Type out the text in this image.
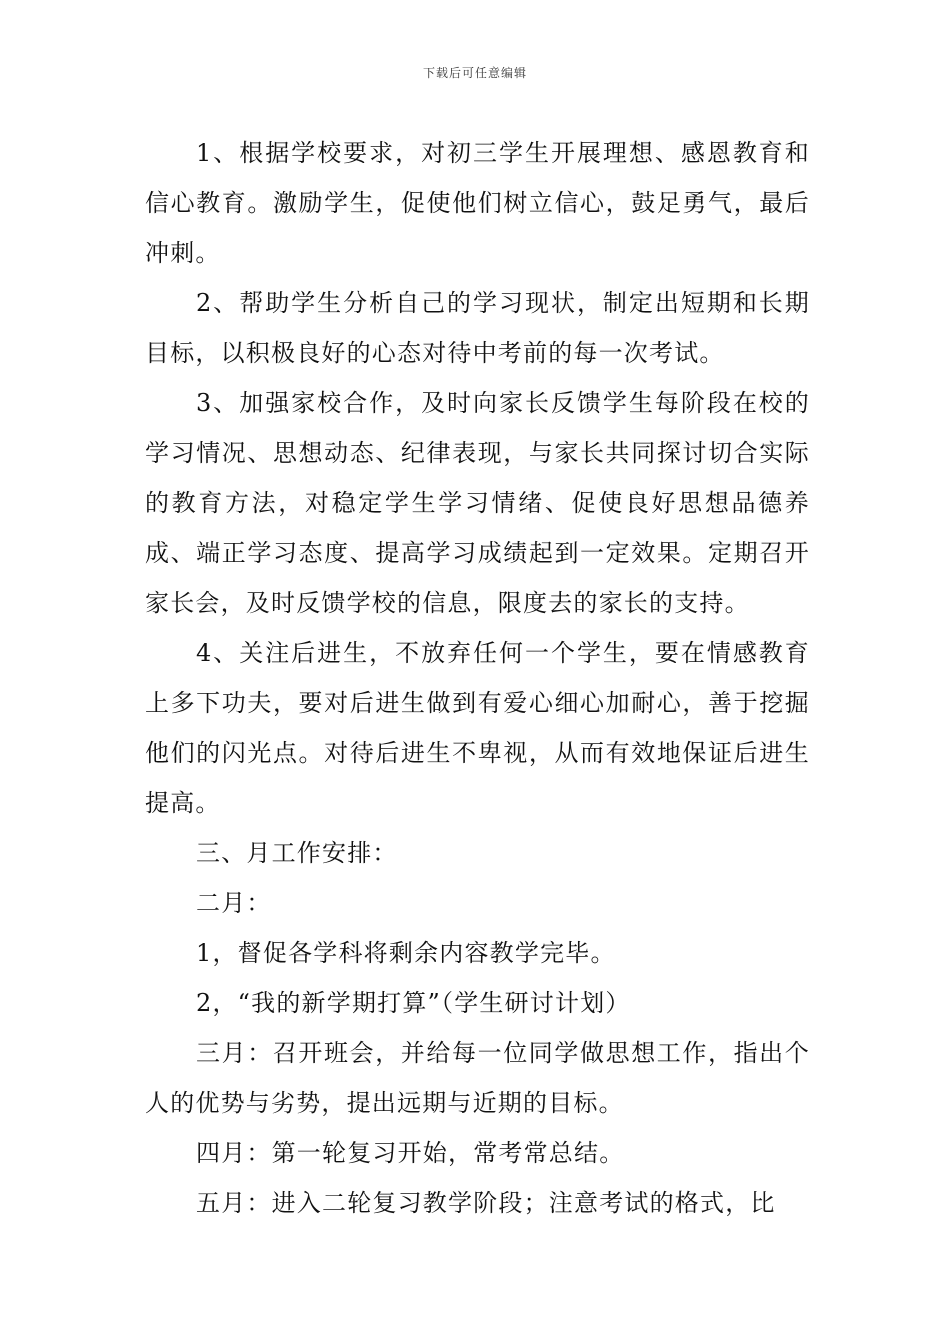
下载后可任意编辑

1、根据学校要求，对初三学生开展理想、感恩教育和信心教育。激励学生，促使他们树立信心，鼓足勇气，最后冲刺。

2、帮助学生分析自己的学习现状，制定出短期和长期目标，以积极良好的心态对待中考前的每一次考试。

3、加强家校合作，及时向家长反馈学生每阶段在校的学习情况、思想动态、纪律表现，与家长共同探讨切合实际的教育方法，对稳定学生学习情绪、促使良好思想品德养成、端正学习态度、提高学习成绩起到一定效果。定期召开家长会，及时反馈学校的信息，限度去的家长的支持。

4、关注后进生，不放弃任何一个学生，要在情感教育上多下功夫，要对后进生做到有爱心细心加耐心，善于挖掘他们的闪光点。对待后进生不卑视，从而有效地保证后进生提高。

三、月工作安排：

二月：

1，督促各学科将剩余内容教学完毕。

2，“我的新学期打算”（学生研讨计划）

三月：召开班会，并给每一位同学做思想工作，指出个人的优势与劣势，提出远期与近期的目标。

四月：第一轮复习开始，常考常总结。

五月：进入二轮复习教学阶段；注意考试的格式，比
